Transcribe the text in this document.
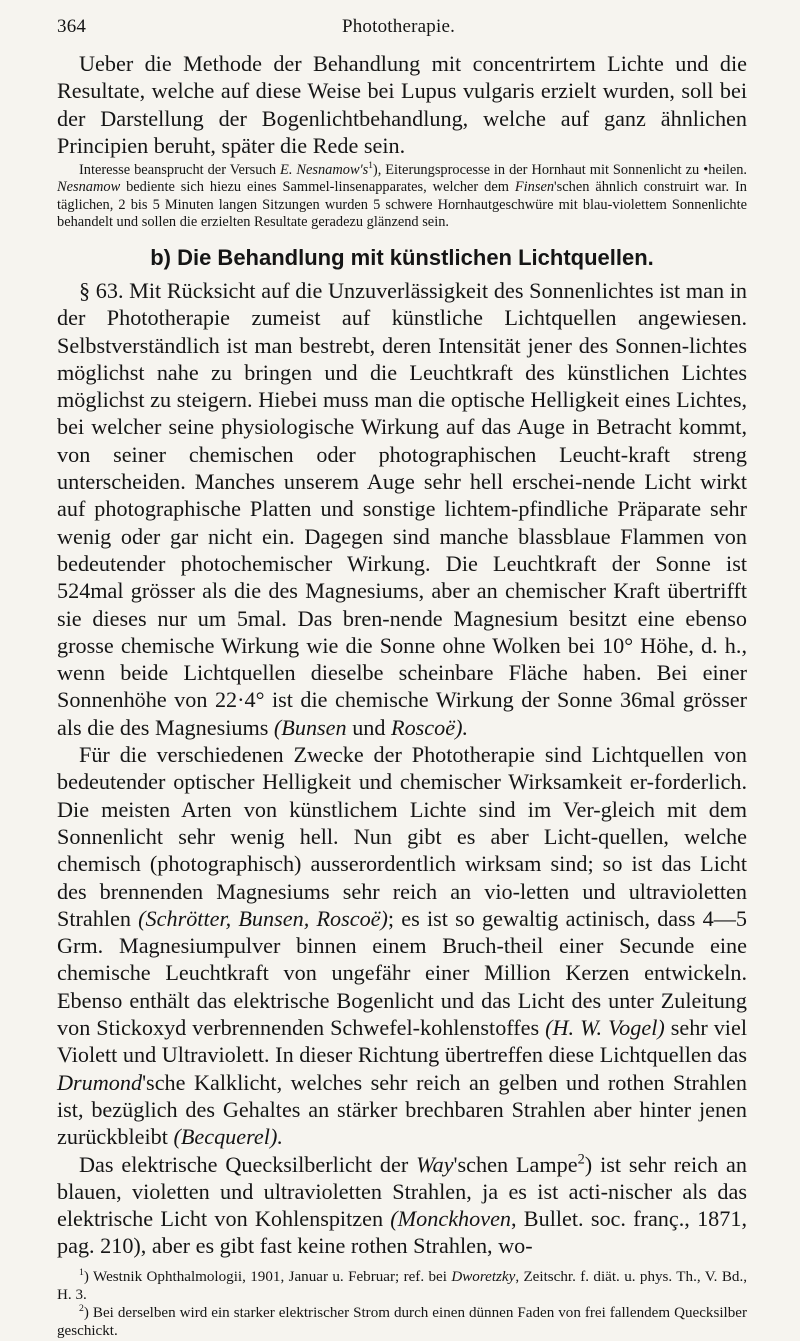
364	Phototherapie.

Ueber die Methode der Behandlung mit concentrirtem Lichte und die Resultate, welche auf diese Weise bei Lupus vulgaris erzielt wurden, soll bei der Darstellung der Bogenlichtbehandlung, welche auf ganz ähnlichen Principien beruht, später die Rede sein.

Interesse beansprucht der Versuch E. $Nesnamow's^1$), Eiterungsprocesse in der Hornhaut mit Sonnenlicht zu •heilen. Nesnamow bediente sich hiezu eines Sammel-linsenapparates, welcher dem Finsen'schen ähnlich construirt war. In täglichen, 2 bis 5 Minuten langen Sitzungen wurden 5 schwere Hornhautgeschwüre mit blau-violettem Sonnenlichte behandelt und sollen die erzielten Resultate geradezu glänzend sein.

b) Die Behandlung mit künstlichen Lichtquellen.

§ 63. Mit Rücksicht auf die Unzuverlässigkeit des Sonnenlichtes ist man in der Phototherapie zumeist auf künstliche Lichtquellen angewiesen. Selbstverständlich ist man bestrebt, deren Intensität jener des Sonnen-lichtes möglichst nahe zu bringen und die Leuchtkraft des künstlichen Lichtes möglichst zu steigern. Hiebei muss man die optische Helligkeit eines Lichtes, bei welcher seine physiologische Wirkung auf das Auge in Betracht kommt, von seiner chemischen oder photographischen Leucht-kraft streng unterscheiden. Manches unserem Auge sehr hell erschei-nende Licht wirkt auf photographische Platten und sonstige lichtem-pfindliche Präparate sehr wenig oder gar nicht ein. Dagegen sind manche blassblaue Flammen von bedeutender photochemischer Wirkung. Die Leuchtkraft der Sonne ist 524mal grösser als die des Magnesiums, aber an chemischer Kraft übertrifft sie dieses nur um 5mal. Das bren-nende Magnesium besitzt eine ebenso grosse chemische Wirkung wie die Sonne ohne Wolken bei 10° Höhe, d. h., wenn beide Lichtquellen dieselbe scheinbare Fläche haben. Bei einer Sonnenhöhe von 22·4° ist die chemische Wirkung der Sonne 36mal grösser als die des Magnesiums (Bunsen und Roscoë).

Für die verschiedenen Zwecke der Phototherapie sind Lichtquellen von bedeutender optischer Helligkeit und chemischer Wirksamkeit er-forderlich. Die meisten Arten von künstlichem Lichte sind im Ver-gleich mit dem Sonnenlicht sehr wenig hell. Nun gibt es aber Licht-quellen, welche chemisch (photographisch) ausserordentlich wirksam sind; so ist das Licht des brennenden Magnesiums sehr reich an vio-letten und ultravioletten Strahlen (Schrötter, Bunsen, Roscoë); es ist so gewaltig actinisch, dass 4—5 Grm. Magnesiumpulver binnen einem Bruch-theil einer Secunde eine chemische Leuchtkraft von ungefähr einer Million Kerzen entwickeln. Ebenso enthält das elektrische Bogenlicht und das Licht des unter Zuleitung von Stickoxyd verbrennenden Schwefel-kohlenstoffes (H. W. Vogel) sehr viel Violett und Ultraviolett. In dieser Richtung übertreffen diese Lichtquellen das Drumond'sche Kalklicht, welches sehr reich an gelben und rothen Strahlen ist, bezüglich des Gehaltes an stärker brechbaren Strahlen aber hinter jenen zurückbleibt (Becquerel).

Das elektrische Quecksilberlicht der Way'schen Lampe$^2$) ist sehr reich an blauen, violetten und ultravioletten Strahlen, ja es ist acti-nischer als das elektrische Licht von Kohlenspitzen (Monckhoven, Bullet. soc. franç., 1871, pag. 210), aber es gibt fast keine rothen Strahlen, wo-

$^1$) Westnik Ophthalmologii, 1901, Januar u. Februar; ref. bei Dworetzky, Zeitschr. f. diät. u. phys. Th., V. Bd., H. 3.

$^2$) Bei derselben wird ein starker elektrischer Strom durch einen dünnen Faden von frei fallendem Quecksilber geschickt.
